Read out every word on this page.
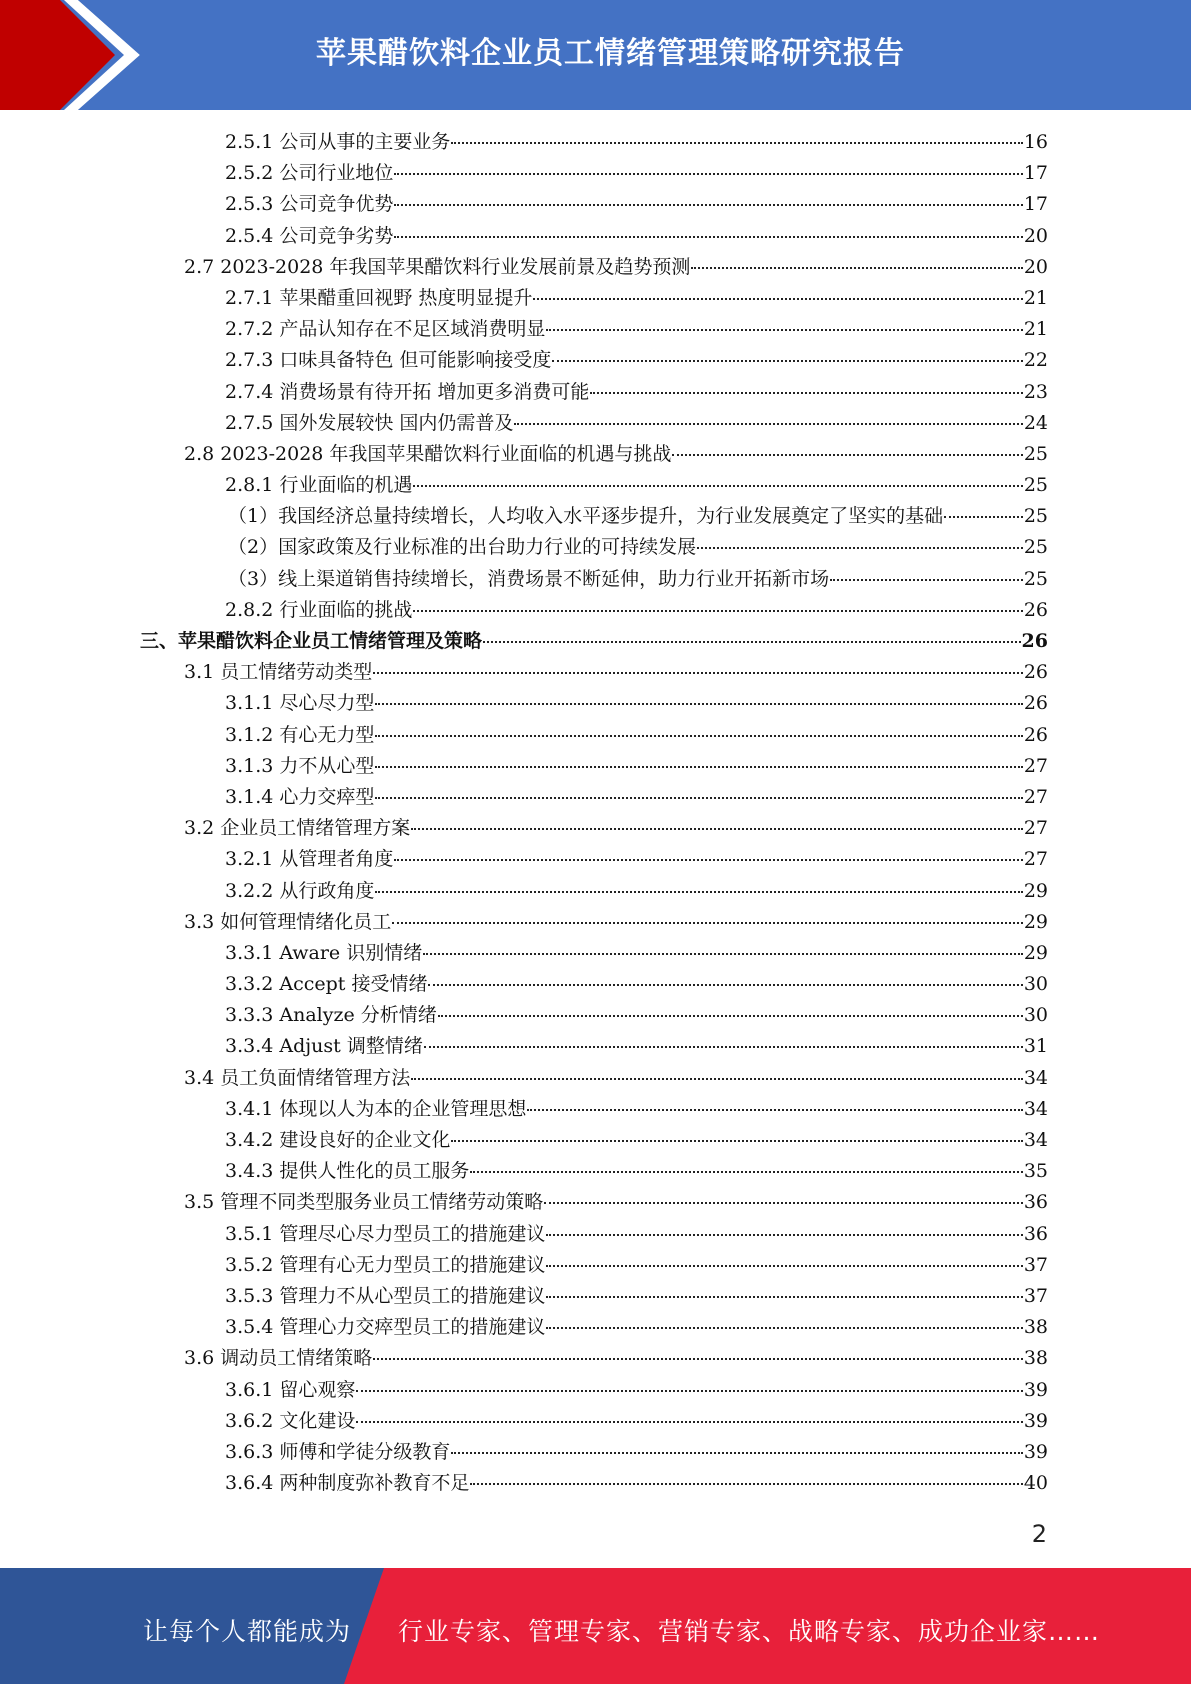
苹果醋饮料企业员工情绪管理策略研究报告
2.5.1 公司从事的主要业务	16
2.5.2 公司行业地位	17
2.5.3 公司竞争优势	17
2.5.4 公司竞争劣势	20
2.7 2023-2028 年我国苹果醋饮料行业发展前景及趋势预测	20
2.7.1 苹果醋重回视野 热度明显提升	21
2.7.2 产品认知存在不足区域消费明显	21
2.7.3 口味具备特色 但可能影响接受度	22
2.7.4 消费场景有待开拓 增加更多消费可能	23
2.7.5 国外发展较快 国内仍需普及	24
2.8 2023-2028 年我国苹果醋饮料行业面临的机遇与挑战	25
2.8.1 行业面临的机遇	25
（1）我国经济总量持续增长，人均收入水平逐步提升，为行业发展奠定了坚实的基础	25
（2）国家政策及行业标准的出台助力行业的可持续发展	25
（3）线上渠道销售持续增长，消费场景不断延伸，助力行业开拓新市场	25
2.8.2 行业面临的挑战	26
三、苹果醋饮料企业员工情绪管理及策略	26
3.1 员工情绪劳动类型	26
3.1.1 尽心尽力型	26
3.1.2 有心无力型	26
3.1.3 力不从心型	27
3.1.4 心力交瘁型	27
3.2 企业员工情绪管理方案	27
3.2.1 从管理者角度	27
3.2.2 从行政角度	29
3.3 如何管理情绪化员工	29
3.3.1 Aware 识别情绪	29
3.3.2 Accept 接受情绪	30
3.3.3 Analyze 分析情绪	30
3.3.4 Adjust 调整情绪	31
3.4 员工负面情绪管理方法	34
3.4.1 体现以人为本的企业管理思想	34
3.4.2 建设良好的企业文化	34
3.4.3 提供人性化的员工服务	35
3.5 管理不同类型服务业员工情绪劳动策略	36
3.5.1 管理尽心尽力型员工的措施建议	36
3.5.2 管理有心无力型员工的措施建议	37
3.5.3 管理力不从心型员工的措施建议	37
3.5.4 管理心力交瘁型员工的措施建议	38
3.6 调动员工情绪策略	38
3.6.1 留心观察	39
3.6.2 文化建设	39
3.6.3 师傅和学徒分级教育	39
3.6.4 两种制度弥补教育不足	40
2
让每个人都能成为 行业专家、管理专家、营销专家、战略专家、成功企业家……
